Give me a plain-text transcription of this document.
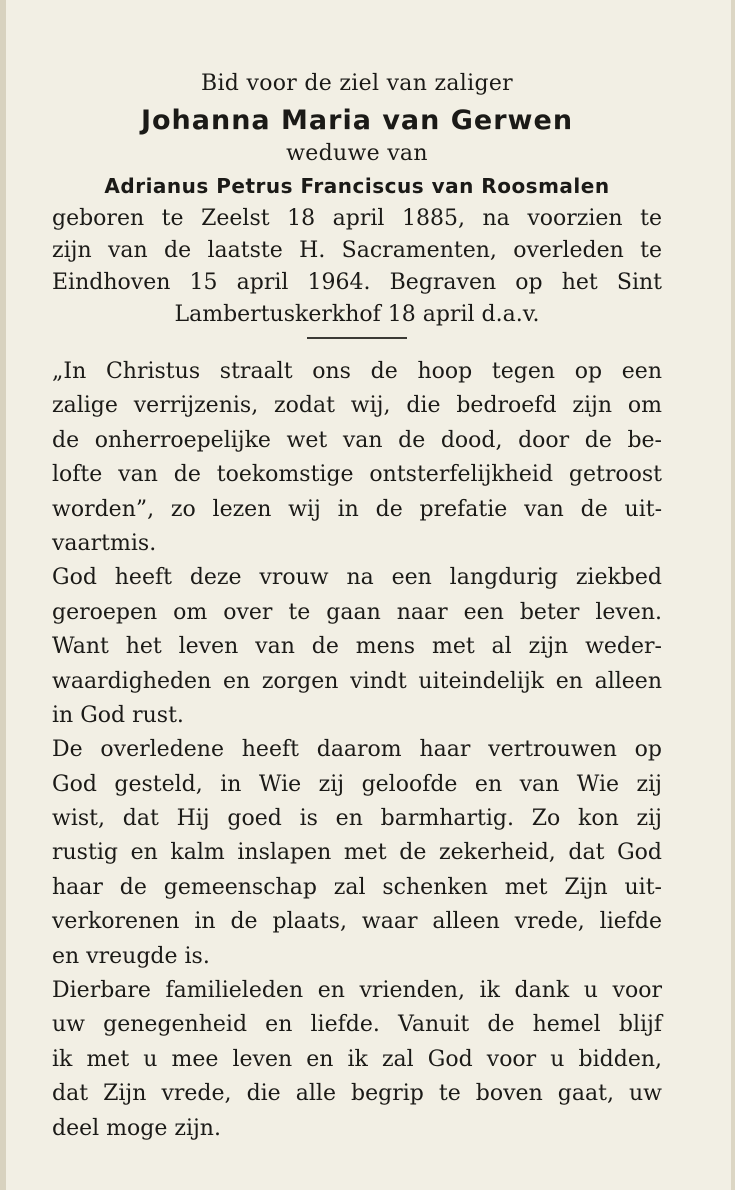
Bid voor de ziel van zaliger
Johanna Maria van Gerwen
weduwe van
Adrianus Petrus Franciscus van Roosmalen
geboren te Zeelst 18 april 1885, na voorzien te
zijn van de laatste H. Sacramenten, overleden te
Eindhoven 15 april 1964. Begraven op het Sint
Lambertuskerkhof 18 april d.a.v.
„In Christus straalt ons de hoop tegen op een
zalige verrijzenis, zodat wij, die bedroefd zijn om
de onherroepelijke wet van de dood, door de be-
lofte van de toekomstige ontsterfelijkheid getroost
worden”, zo lezen wij in de prefatie van de uit-
vaartmis.
God heeft deze vrouw na een langdurig ziekbed
geroepen om over te gaan naar een beter leven.
Want het leven van de mens met al zijn weder-
waardigheden en zorgen vindt uiteindelijk en alleen
in God rust.
De overledene heeft daarom haar vertrouwen op
God gesteld, in Wie zij geloofde en van Wie zij
wist, dat Hij goed is en barmhartig. Zo kon zij
rustig en kalm inslapen met de zekerheid, dat God
haar de gemeenschap zal schenken met Zijn uit-
verkorenen in de plaats, waar alleen vrede, liefde
en vreugde is.
Dierbare familieleden en vrienden, ik dank u voor
uw genegenheid en liefde. Vanuit de hemel blijf
ik met u mee leven en ik zal God voor u bidden,
dat Zijn vrede, die alle begrip te boven gaat, uw
deel moge zijn.
